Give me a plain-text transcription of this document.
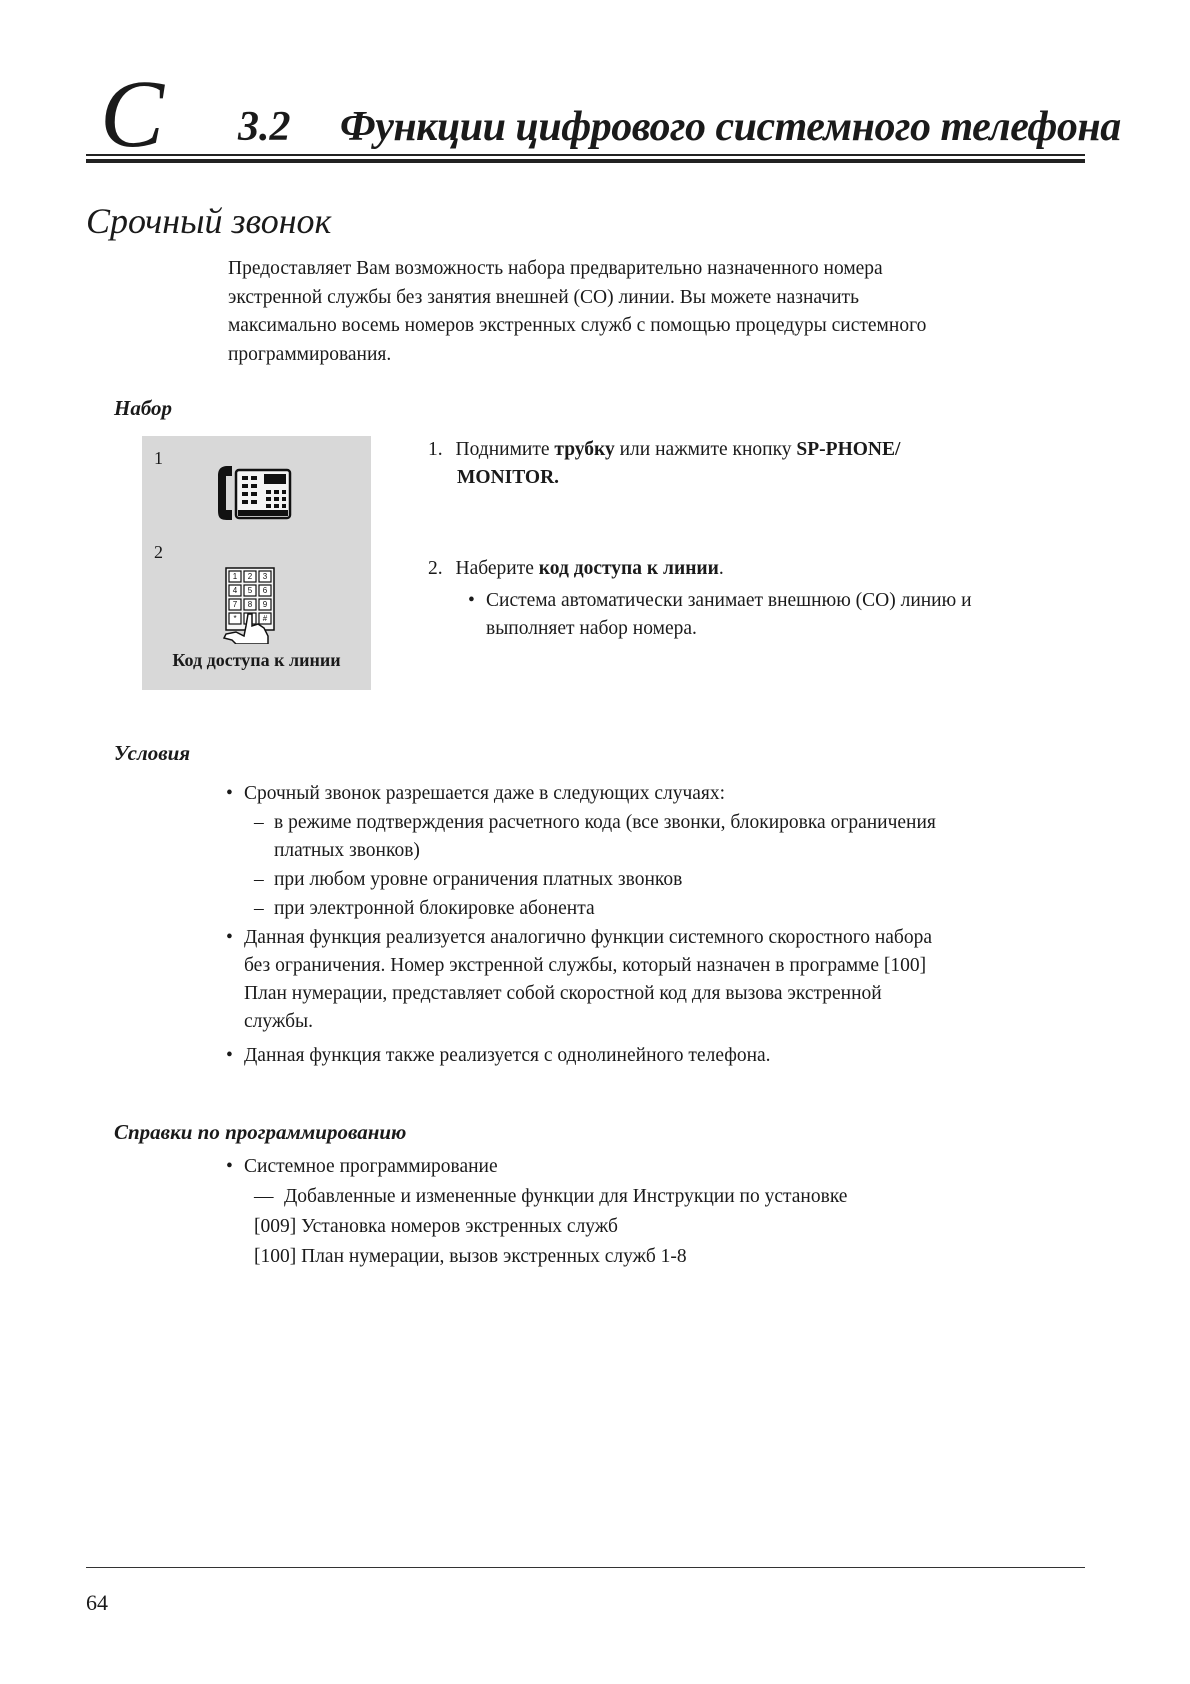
C 3.2 Функции цифрового системного телефона
Срочный звонок

Предоставляет Вам возможность набора предварительно назначенного номера
экстренной службы без занятия внешней (CO) линии. Вы можете назначить
максимально восемь номеров экстренных служб с помощью процедуры системного
программирования.

Набор
1
2
1 2 3
4 5 6
7 8 9
*	#
Код доступа к линии
1. Поднимите трубку или нажмите кнопку SP-PHONE/
MONITOR.
2. Наберите код доступа к линии.
• Система автоматически занимает внешнюю (CO) линию и
выполняет набор номера.
Условия
• Срочный звонок разрешается даже в следующих случаях:
– в режиме подтверждения расчетного кода (все звонки, блокировка ограничения
платных звонков)
– при любом уровне ограничения платных звонков
– при электронной блокировке абонента
• Данная функция реализуется аналогично функции системного скоростного набора
без ограничения. Номер экстренной службы, который назначен в программе [100]
План нумерации, представляет собой скоростной код для вызова экстренной
службы.
• Данная функция также реализуется с однолинейного телефона.
Справки по программированию
• Системное программирование
— Добавленные и измененные функции для Инструкции по установке
[009] Установка номеров экстренных служб
[100] План нумерации, вызов экстренных служб 1-8
64
